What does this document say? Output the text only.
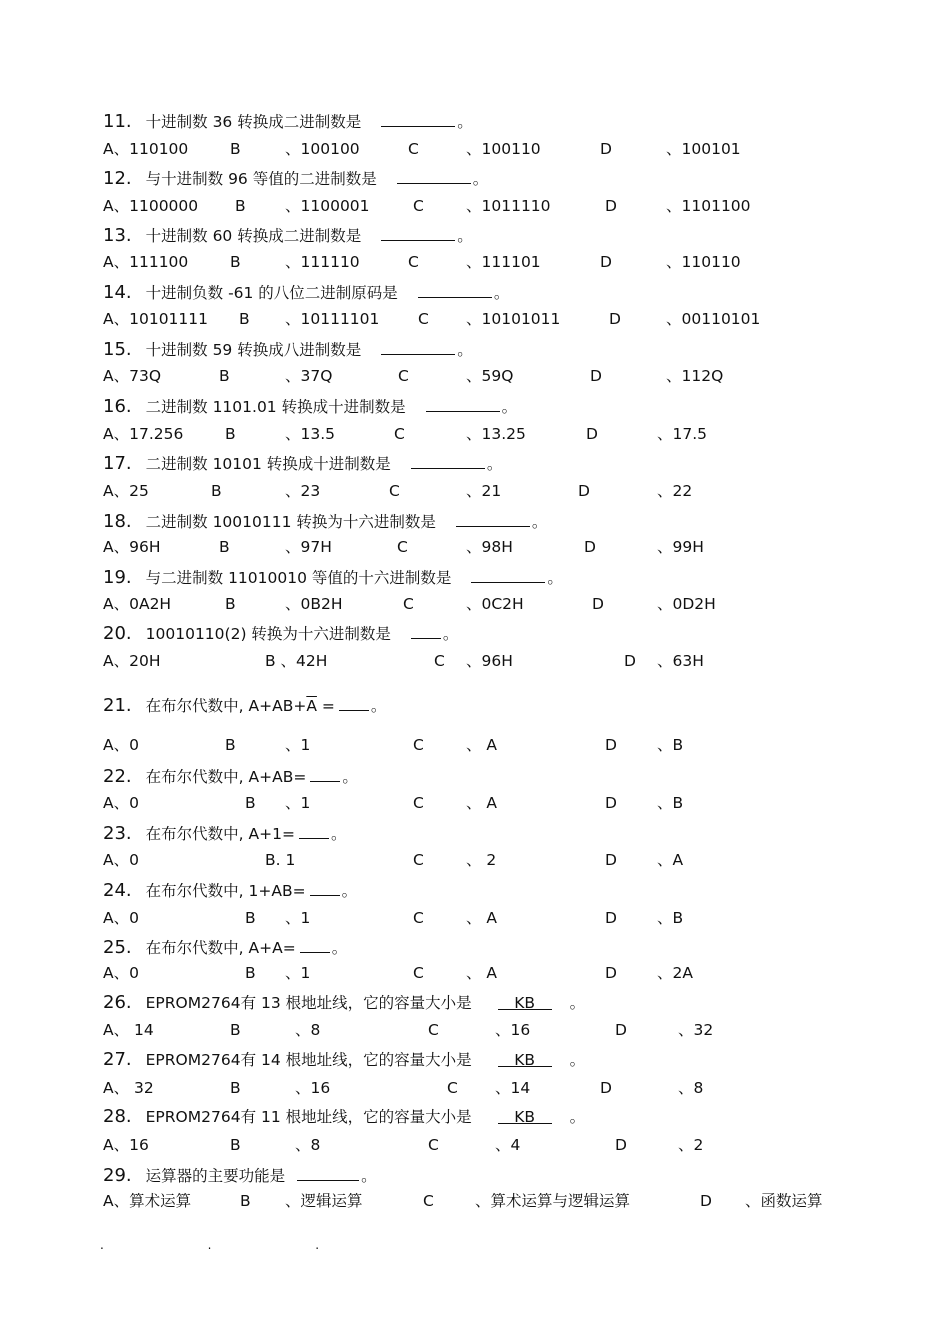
11. 十进制数 36 转换成二进制数是	。
12. 与十进制数 96 等值的二进制数是	。
13. 十进制数 60 转换成二进制数是	。
14. 十进制负数 -61 的八位二进制原码是	。
15. 十进制数 59 转换成八进制数是	。
16. 二进制数 1101.01 转换成十进制数是	。
17. 二进制数 10101 转换成十进制数是	。
18. 二进制数 10010111 转换为十六进制数是	。
19. 与二进制数 11010010 等值的十六进制数是	。
20. 10010110(2) 转换为十六进制数是	。
21. 在布尔代数中, $A+AB+\overline{A}$ = 。
22. 在布尔代数中, A+AB= 。
23. 在布尔代数中, A+1= 。
24. 在布尔代数中, 1+AB= 。
25. 在布尔代数中, A+A= 。
26. EPROM2764有 13 根地址线，它的容量大小是	KB 。
27. EPROM2764有 14 根地址线，它的容量大小是	KB 。
28. EPROM2764有 11 根地址线，它的容量大小是	KB 。
29. 运算器的主要功能是	。
A、110100	B	、100100	C	、100110	D	、100101
A、1100000 B	、1100001	C	、1011110	D	、1101100
A、111100	B	、111110	C	、111101	D	、110110
A、10101111 B 、10111101 C 、10101011	D	、00110101
A、73Q	B	、37Q	C	、59Q	D	、112Q
A、17.256	B	、13.5	C	、13.25	D	、17.5
A、25	B	、23	C	、21	D	、22
A、96H	B	、97H	C	、98H	D	、99H
A、0A2H	B	、0B2H	C	、0C2H	D	、0D2H
A、20H	B 、42H	C 、96H	D 、63H
A、0	B	、1	C	、 A	D	、B
A、0	B 、1	C	、 A	D	、B
A、0	B. 1	C	、 2	D	、A
A、0	B 、1	C	、 A	D	、B
A、0	B 、1	C	、 A	D	、2A
A、 14	B	、8	C	、16	D	、32
A、 32	B	、16	C 、14	D	、8
A、16	B	、8	C	、4	D	、2
A、算术运算	B 、逻辑运算	C	、算术运算与逻辑运算	D 、函数运算
. . .
